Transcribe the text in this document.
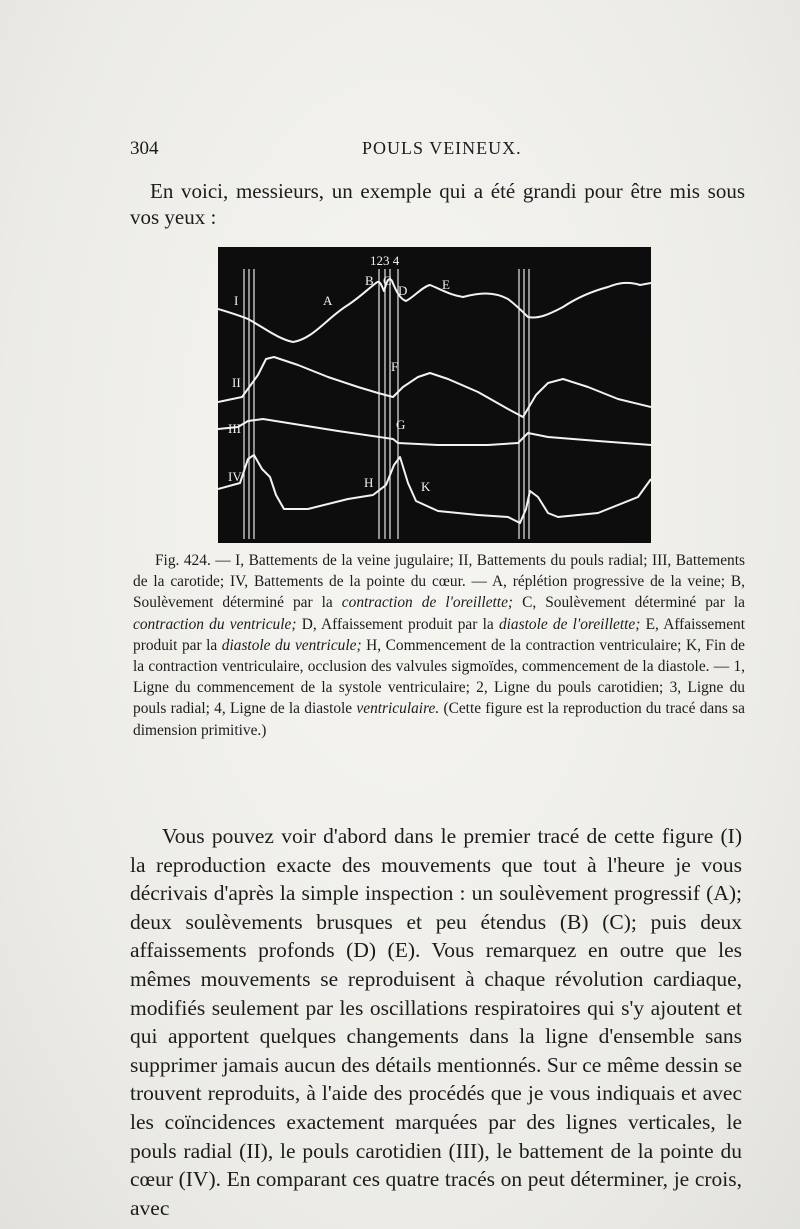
304	POULS VEINEUX.

En voici, messieurs, un exemple qui a été grandi pour être mis sous vos yeux :

123 4
I
II
III
IV
A
B C
D	E
F
G
H	K

Fig. 424. — I, Battements de la veine jugulaire; II, Battements du pouls radial; III, Battements de la carotide; IV, Battements de la pointe du cœur. — A, réplétion progressive de la veine; B, Soulèvement déterminé par la contraction de l'oreillette; C, Soulèvement déterminé par la contraction du ventricule; D, Affaissement produit par la diastole de l'oreillette; E, Affaissement produit par la diastole du ventricule; H, Commencement de la contraction ventriculaire; K, Fin de la contraction ventriculaire, occlusion des valvules sigmoïdes, commencement de la diastole. — 1, Ligne du commencement de la systole ventriculaire; 2, Ligne du pouls carotidien; 3, Ligne du pouls radial; 4, Ligne de la diastole ventriculaire. (Cette figure est la reproduction du tracé dans sa dimension primitive.)

Vous pouvez voir d'abord dans le premier tracé de cette figure (I) la reproduction exacte des mouvements que tout à l'heure je vous décrivais d'après la simple inspection : un soulèvement progressif (A); deux soulèvements brusques et peu étendus (B) (C); puis deux affaissements profonds (D) (E). Vous remarquez en outre que les mêmes mouvements se reproduisent à chaque révolution cardiaque, modifiés seulement par les oscillations respiratoires qui s'y ajoutent et qui apportent quelques changements dans la ligne d'ensemble sans supprimer jamais aucun des détails mentionnés. Sur ce même dessin se trouvent reproduits, à l'aide des procédés que je vous indiquais et avec les coïncidences exactement marquées par des lignes verticales, le pouls radial (II), le pouls carotidien (III), le battement de la pointe du cœur (IV). En comparant ces quatre tracés on peut déterminer, je crois, avec
